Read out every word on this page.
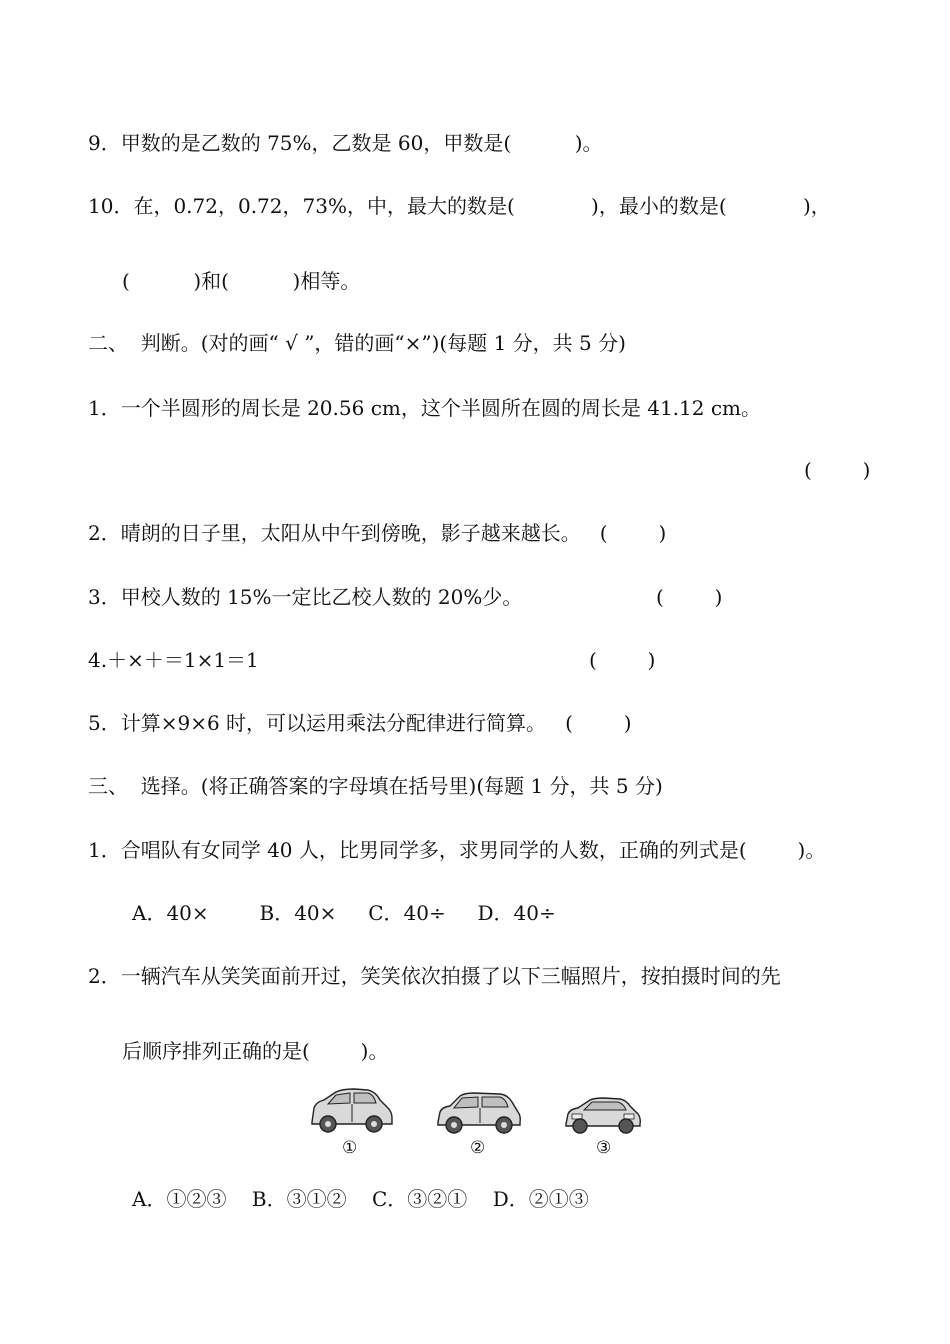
9．甲数的是乙数的 75%，乙数是 60，甲数是(          )。
10．在，0.72，0.72，73%，中，最大的数是(            )，最小的数是(            )，
(          )和(          )相等。
二、  判断。(对的画“ √ ”，错的画“×”)(每题 1 分，共 5 分)
1．一个半圆形的周长是 20.56 cm，这个半圆所在圆的周长是 41.12 cm。
(        )
2．晴朗的日子里，太阳从中午到傍晚，影子越来越长。   (        )
3．甲校人数的 15%一定比乙校人数的 20%少。	(        )
4.＋×＋＝1×1＝1	(        )
5．计算×9×6 时，可以运用乘法分配律进行简算。   (        )
三、  选择。(将正确答案的字母填在括号里)(每题 1 分，共 5 分)
1．合唱队有女同学 40 人，比男同学多，求男同学的人数，正确的列式是(        )。
A．40×        B．40×     C．40÷     D．40÷
2．一辆汽车从笑笑面前开过，笑笑依次拍摄了以下三幅照片，按拍摄时间的先
后顺序排列正确的是(        )。
①	②	③
A．①②③    B．③①②    C．③②①    D．②①③
